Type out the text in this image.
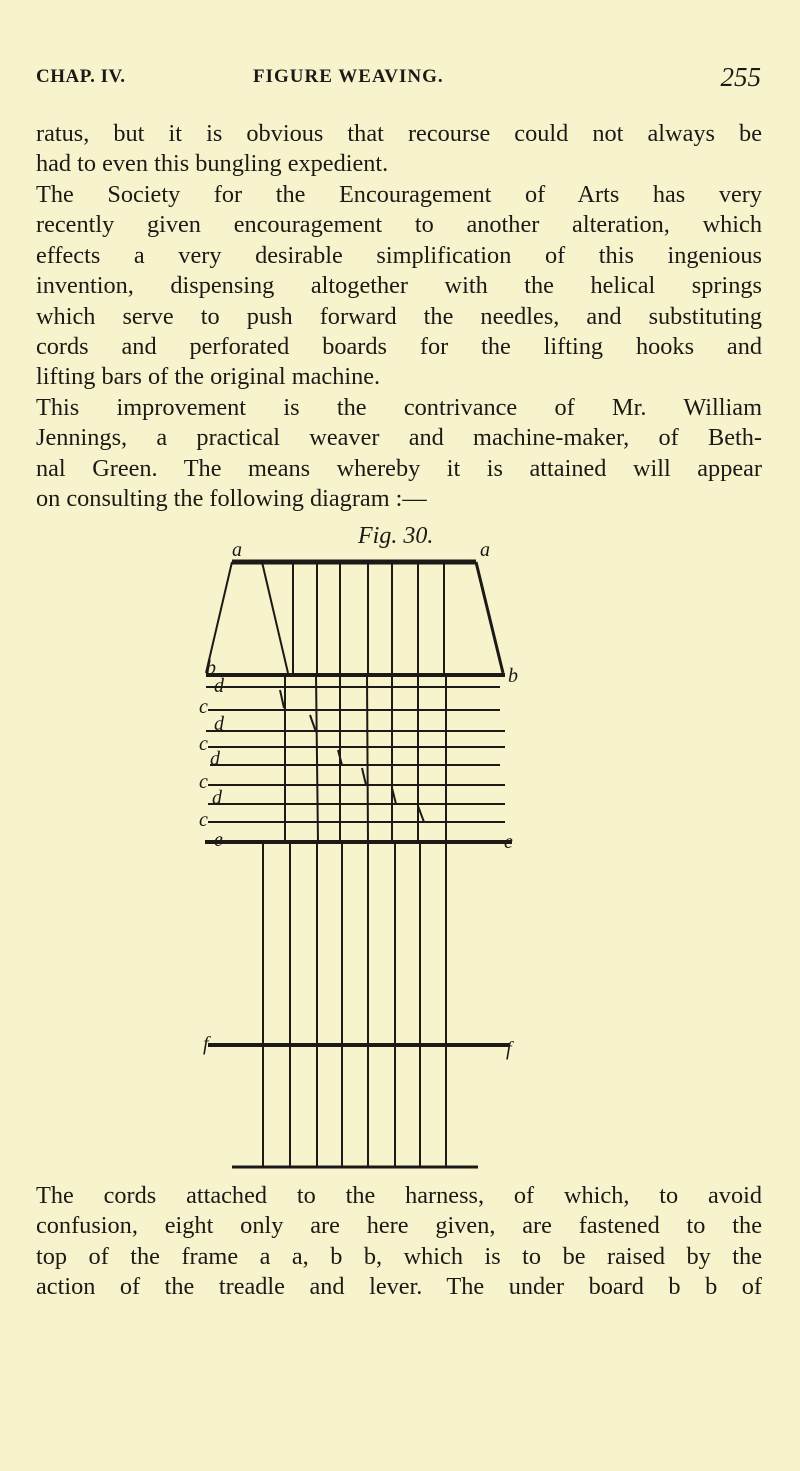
CHAP. IV.	FIGURE WEAVING.	255
ratus, but it is obvious that recourse could not always be
had to even this bungling expedient.
The Society for the Encouragement of Arts has very
recently given encouragement to another alteration, which
effects a very desirable simplification of this ingenious
invention, dispensing altogether with the helical springs
which serve to push forward the needles, and substituting
cords and perforated boards for the lifting hooks and
lifting bars of the original machine.
This improvement is the contrivance of Mr. William
Jennings, a practical weaver and machine-maker, of Beth-
nal Green. The means whereby it is attained will appear
on consulting the following diagram :—
Fig. 30.
a	a
b	b
d
c
d
c
d
c
d
c
e	e
f	f
The cords attached to the harness, of which, to avoid
confusion, eight only are here given, are fastened to the
top of the frame a a, b b, which is to be raised by the
action of the treadle and lever. The under board b b of
